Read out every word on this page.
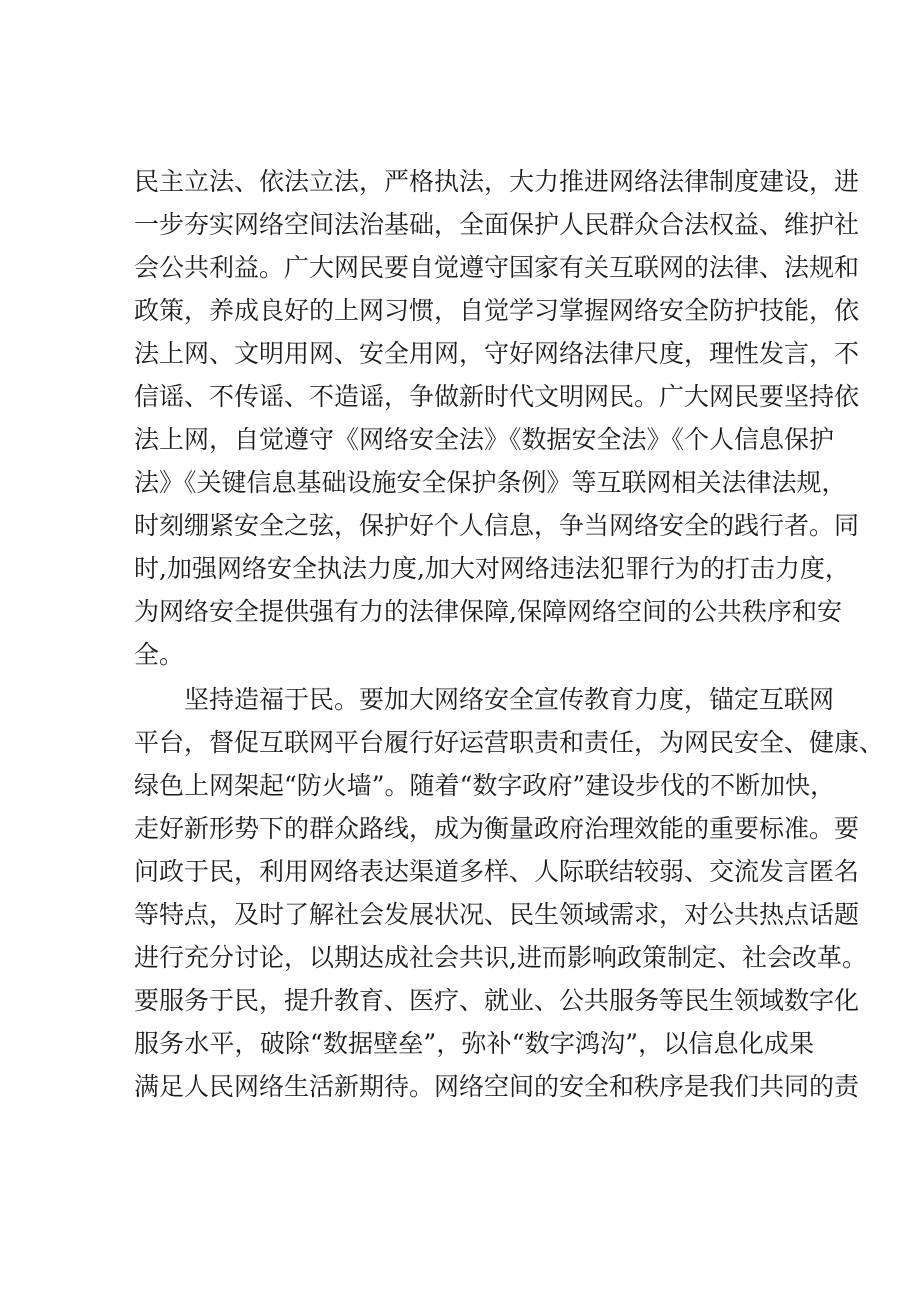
民主立法、依法立法，严格执法，大力推进网络法律制度建设，进
一步夯实网络空间法治基础，全面保护人民群众合法权益、维护社
会公共利益。广大网民要自觉遵守国家有关互联网的法律、法规和
政策，养成良好的上网习惯，自觉学习掌握网络安全防护技能，依
法上网、文明用网、安全用网，守好网络法律尺度，理性发言，不
信谣、不传谣、不造谣，争做新时代文明网民。广大网民要坚持依
法上网，自觉遵守《网络安全法》《数据安全法》《个人信息保护
法》《关键信息基础设施安全保护条例》等互联网相关法律法规，
时刻绷紧安全之弦，保护好个人信息，争当网络安全的践行者。同
时,加强网络安全执法力度,加大对网络违法犯罪行为的打击力度，
为网络安全提供强有力的法律保障,保障网络空间的公共秩序和安
全。
坚持造福于民。要加大网络安全宣传教育力度，锚定互联网
平台，督促互联网平台履行好运营职责和责任，为网民安全、健康、
绿色上网架起“防火墙”。随着“数字政府”建设步伐的不断加快，
走好新形势下的群众路线，成为衡量政府治理效能的重要标准。要
问政于民，利用网络表达渠道多样、人际联结较弱、交流发言匿名
等特点，及时了解社会发展状况、民生领域需求，对公共热点话题
进行充分讨论，以期达成社会共识,进而影响政策制定、社会改革。
要服务于民，提升教育、医疗、就业、公共服务等民生领域数字化
服务水平，破除“数据壁垒”，弥补“数字鸿沟”，以信息化成果
满足人民网络生活新期待。网络空间的安全和秩序是我们共同的责
